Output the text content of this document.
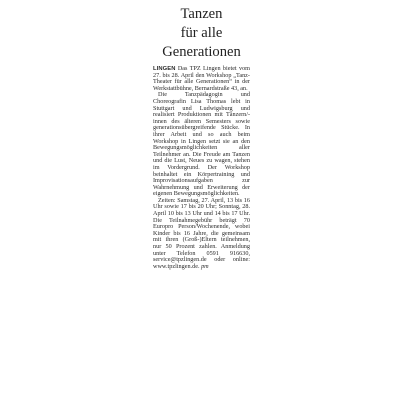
Tanzen
für alle
Generationen

LINGEN Das TPZ Lingen bietet vom 27. bis 28. April den Workshop „Tanz-Theater für alle Generationen“ in der Werkstattbühne, Bernardstraße 43, an.

Die Tanzpädagogin und Choreografin Lisa Thomas lebt in Stuttgart und Ludwigsburg und realisiert Produktionen mit Tänzern/-innen des älteren Semesters sowie generationsübergreifende Stücke. In ihrer Arbeit und so auch beim Workshop in Lingen setzt sie an den Bewegungsmöglichkeiten aller Teilnehmer an. Die Freude am Tanzen und die Lust, Neues zu wagen, stehen im Vordergrund. Der Workshop beinhaltet ein Körpertraining und Improvisationsaufgaben zur Wahrnehmung und Erweiterung der eigenen Bewegungsmöglichkeiten.

Zeiten: Samstag, 27. April, 13 bis 16 Uhr sowie 17 bis 20 Uhr; Sonntag, 28. April 10 bis 13 Uhr und 14 bis 17 Uhr. Die Teilnahmegebühr beträgt 70 Europro Person/Wochenende, wobei Kinder bis 16 Jahre, die gemeinsam mit ihren (Groß-)Eltern teilnehmen, nur 50 Prozent zahlen. Anmeldung unter Telefon 0591 916630, service@tpzlingen.de oder online: www.tpzlingen.de. pm
